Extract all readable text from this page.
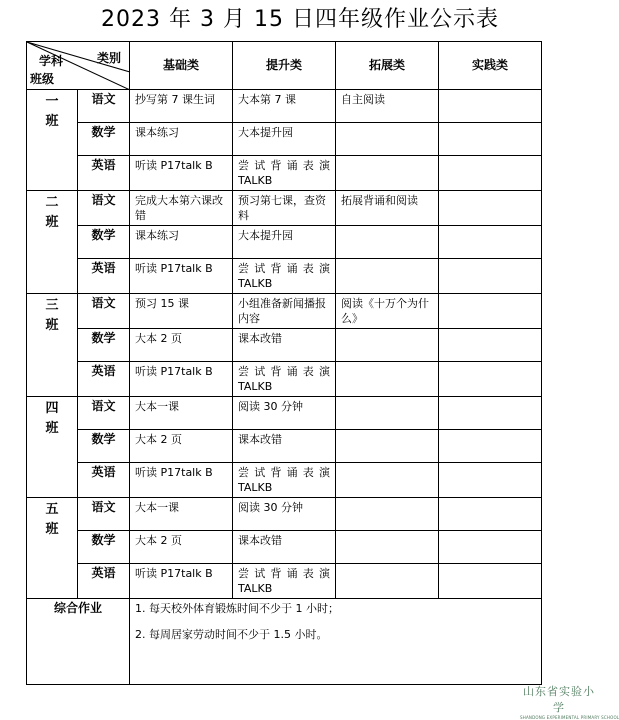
2023 年 3 月 15 日四年级作业公示表
类别
学科
班级		基础类	提升类	拓展类	实践类
一班	语文	抄写第 7 课生词	大本第 7 课	自主阅读	

	数学	课本练习	大本提升园		

	英语	听读 P17talk B	尝试背诵表演 TALKB		

二班	语文	完成大本第六课改错	预习第七课，查资料	拓展背诵和阅读	

	数学	课本练习	大本提升园		

	英语	听读 P17talk B	尝试背诵表演 TALKB		

三班	语文	预习 15 课	小组准备新闻播报内容	阅读《十万个为什么》	

	数学	大本 2 页	课本改错		

	英语	听读 P17talk B	尝试背诵表演 TALKB		

四班	语文	大本一课	阅读 30 分钟		

	数学	大本 2 页	课本改错		

	英语	听读 P17talk B	尝试背诵表演 TALKB		

五班	语文	大本一课	阅读 30 分钟		

	数学	大本 2 页	课本改错		

	英语	听读 P17talk B	尝试背诵表演 TALKB		

综合作业		1. 每天校外体育锻炼时间不少于 1 小时；
2. 每周居家劳动时间不少于 1.5 小时。			
山东省实验小学
SHANDONG EXPERIMENTAL PRIMARY SCHOOL
